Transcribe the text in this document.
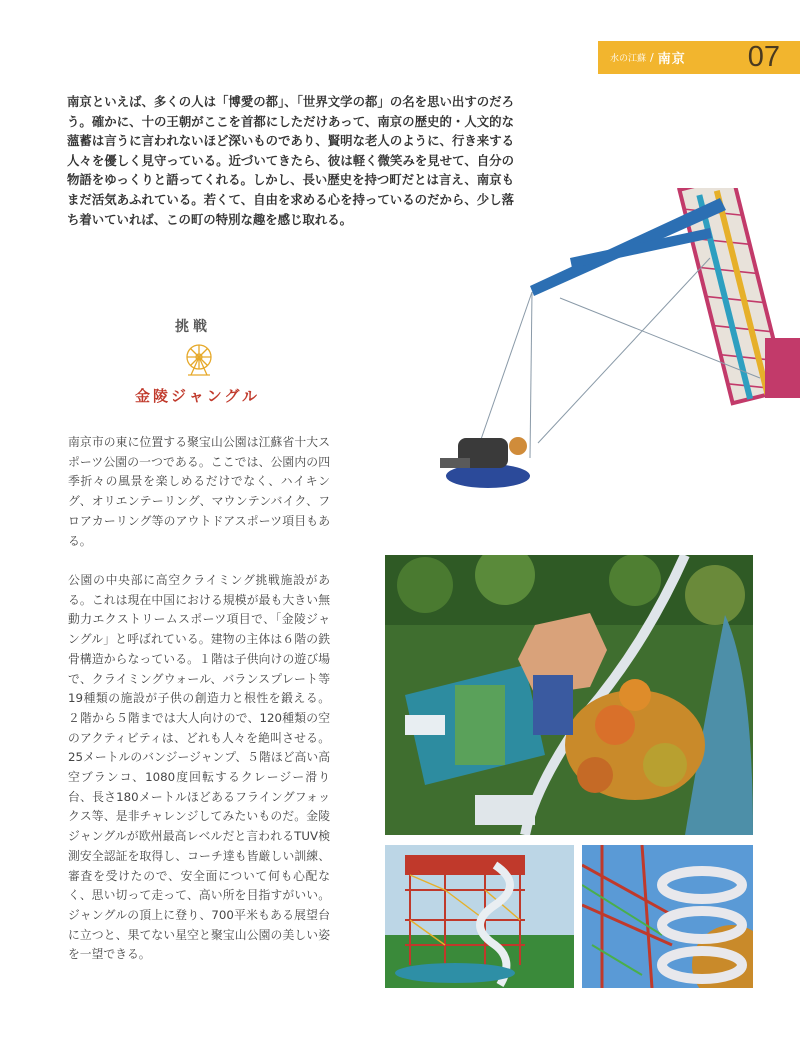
水の江蘇 / 南京 07

南京といえば、多くの人は「博愛の都」、「世界文学の都」の名を思い出すのだろう。確かに、十の王朝がここを首都にしただけあって、南京の歴史的・人文的な薀蓄は言うに言われないほど深いものであり、賢明な老人のように、行き来する人々を優しく見守っている。近づいてきたら、彼は軽く微笑みを見せて、自分の物語をゆっくりと語ってくれる。しかし、長い歴史を持つ町だとは言え、南京もまだ活気あふれている。若くて、自由を求める心を持っているのだから、少し落ち着いていれば、この町の特別な趣を感じ取れる。

挑戦
金陵ジャングル

南京市の東に位置する聚宝山公園は江蘇省十大スポーツ公園の一つである。ここでは、公園内の四季折々の風景を楽しめるだけでなく、ハイキング、オリエンテーリング、マウンテンバイク、フロアカーリング等のアウトドアスポーツ項目もある。

公園の中央部に高空クライミング挑戦施設がある。これは現在中国における規模が最も大きい無動力エクストリームスポーツ項目で、「金陵ジャングル」と呼ばれている。建物の主体は６階の鉄骨構造からなっている。１階は子供向けの遊び場で、クライミングウォール、バランスプレート等19種類の施設が子供の創造力と根性を鍛える。２階から５階までは大人向けので、120種類の空のアクティビティは、どれも人々を絶叫させる。25メートルのバンジージャンプ、５階ほど高い高空ブランコ、1080度回転するクレージー滑り台、長さ180メートルほどあるフライングフォックス等、是非チャレンジしてみたいものだ。金陵ジャングルが欧州最高レベルだと言われるTUV検測安全認証を取得し、コーチ達も皆厳しい訓練、審査を受けたので、安全面について何も心配なく、思い切って走って、高い所を目指すがいい。ジャングルの頂上に登り、700平米もある展望台に立つと、果てない星空と聚宝山公園の美しい姿を一望できる。
